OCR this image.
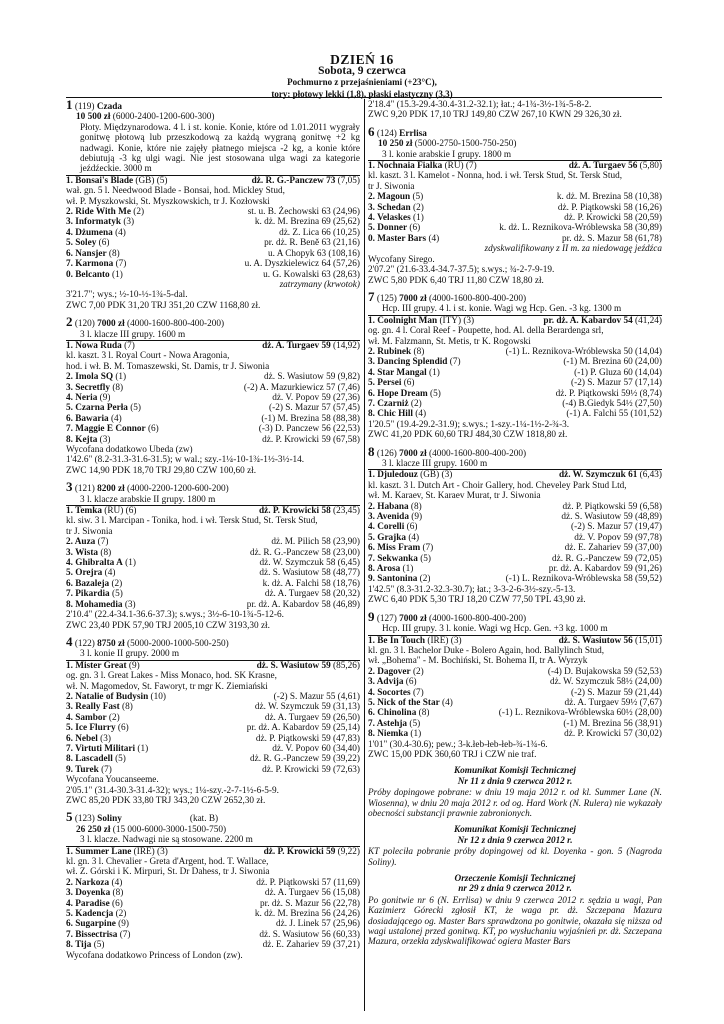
DZIEŃ 16
Sobota, 9 czerwca
Pochmurno z przejaśnieniami (+23°C),
tory: płotowy lekki (1,8), płaski elastyczny (3,3)
1 (119) Czada
10 500 zł (6000-2400-1200-600-300)
Płoty. Międzynarodowa. 4 l. i st. konie. Konie, które od 1.01.2011 wygrały gonitwę płotową lub przeszkodową za każdą wygraną gonitwę +2 kg nadwagi. Konie, które nie zajęły płatnego miejsca -2 kg, a konie które debiutują -3 kg ulgi wagi. Nie jest stosowana ulga wagi za kategorie jeźdźeckie. 3000 m
1. Bonsai's Blade (GB) (5)	dż. R. G.-Panczew 73 (7,05)
wał. gn. 5 l. Needwood Blade - Bonsai, hod. Mickley Stud,
wł. P. Myszkowski, St. Myszkowskich, tr J. Kozłowski
2. Ride With Me (2)	st. u. B. Żechowski 63 (24,96)
3. Informatyk (3)	k. dż. M. Brezina 69 (25,62)
4. Dżumena (4)	dż. Z. Lica 66 (10,25)
5. Soley (6)	pr. dż. R. Beně 63 (21,16)
6. Nansjer (8)	u. A Chopyk 63 (108,16)
7. Karmona (7)	u. A. Dyszkielewicz 64 (57,26)
0. Belcanto (1)	u. G. Kowalski 63 (28,63)
zatrzymany (krwotok)
3'21.7"; wys.; ½-10-½-1¾-5-dal.
ZWC 7,00 PDK 31,20 TRJ 351,20 CZW 1168,80 zł.
2 (120) 7000 zł (4000-1600-800-400-200)
3 l. klacze III grupy. 1600 m
1. Nowa Ruda (7)	dż. A. Turgaev 59 (14,92)
kl. kaszt. 3 l. Royal Court - Nowa Aragonia,
hod. i wł. B. M. Tomaszewski, St. Damis, tr J. Siwonia
2. Imola SQ (1)	dż. S. Wasiutow 59 (9,82)
3. Secretfly (8)	(-2) A. Mazurkiewicz 57 (7,46)
4. Neria (9)	dż. V. Popov 59 (27,36)
5. Czarna Perła (5)	(-2) S. Mazur 57 (57,45)
6. Bawaria (4)	(-1) M. Brezina 58 (88,38)
7. Maggie E Connor (6)	(-3) D. Panczew 56 (22,53)
8. Kejta (3)	dż. P. Krowicki 59 (67,58)
Wycofana dodatkowo Ubeda (zw)
1'42.6" (8.2-31.3-31.6-31.5); w wal.; szy.-1¼-10-1¾-1½-3½-14.
ZWC 14,90 PDK 18,70 TRJ 29,80 CZW 100,60 zł.
3 (121) 8200 zł (4000-2200-1200-600-200)
3 l. klacze arabskie II grupy. 1800 m
1. Temka (RU) (6)	dż. P. Krowicki 58 (23,45)
kl. siw. 3 l. Marcipan - Tonika, hod. i wł. Tersk Stud, St. Tersk Stud,
tr J. Siwonia
2. Auza (7)	dż. M. Pilich 58 (23,90)
3. Wista (8)	dż. R. G.-Panczew 58 (23,00)
4. Ghibralta A (1)	dż. W. Szymczuk 58 (6,45)
5. Orejra (4)	dż. S. Wasiutow 58 (48,77)
6. Bazaleja (2)	k. dż. A. Falchi 58 (18,76)
7. Pikardia (5)	dż. A. Turgaev 58 (20,32)
8. Mohamedia (3)	pr. dż. A. Kabardov 58 (46,89)
2'10.4" (22.4-34.1-36.6-37.3); s.wys.; 3½-6-10-1¾-5-12-6.
ZWC 23,40 PDK 57,90 TRJ 2005,10 CZW 3193,30 zł.
4 (122) 8750 zł (5000-2000-1000-500-250)
3 l. konie II grupy. 2000 m
1. Mister Great (9)	dż. S. Wasiutow 59 (85,26)
og. gn. 3 l. Great Lakes - Miss Monaco, hod. SK Krasne,
wł. N. Magomedov, St. Faworyt, tr mgr K. Ziemiański
2. Natalie of Budysin (10)	(-2) S. Mazur 55 (4,61)
3. Really Fast (8)	dż. W. Szymczuk 59 (31,13)
4. Sambor (2)	dż. A. Turgaev 59 (26,50)
5. Ice Flurry (6)	pr. dż. A. Kabardov 59 (25,14)
6. Nebel (3)	dż. P. Piątkowski 59 (47,83)
7. Virtuti Militari (1)	dż. V. Popov 60 (34,40)
8. Lascadell (5)	dż. R. G.-Panczew 59 (39,22)
9. Turek (7)	dż. P. Krowicki 59 (72,63)
Wycofana Youcanseeme.
2'05.1" (31.4-30.3-31.4-32); wys.; 1¼-szy.-2-7-1½-6-5-9.
ZWC 85,20 PDK 33,80 TRJ 343,20 CZW 2652,30 zł.
5 (123) Soliny	(kat. B)
26 250 zł (15 000-6000-3000-1500-750)
3 l. klacze. Nadwagi nie są stosowane. 2200 m
1. Summer Lane (IRE) (3)	dż. P. Krowicki 59 (9,22)
kl. gn. 3 l. Chevalier - Greta d'Argent, hod. T. Wallace,
wł. Z. Górski i K. Mirpuri, St. Dr Dahess, tr J. Siwonia
2. Narkoza (4)	dż. P. Piątkowski 57 (11,69)
3. Doyenka (8)	dż. A. Turgaev 56 (15,08)
4. Paradise (6)	pr. dż. S. Mazur 56 (22,78)
5. Kadencja (2)	k. dż. M. Brezina 56 (24,26)
6. Sugarpine (9)	dż. J. Linek 57 (25,96)
7. Bissectrisa (7)	dż. S. Wasiutow 56 (60,33)
8. Tija (5)	dż. E. Zahariev 59 (37,21)
Wycofana dodatkowo Princess of London (zw).
2'18.4" (15.3-29.4-30.4-31.2-32.1); łat.; 4-1¾-3½-1¾-5-8-2.
ZWC 9,20 PDK 17,10 TRJ 149,80 CZW 267,10 KWN 29 326,30 zł.
6 (124) Errlisa
10 250 zł (5000-2750-1500-750-250)
3 l. konie arabskie I grupy. 1800 m
1. Nochnaia Fialka (RU) (7)	dż. A. Turgaev 56 (5,80)
kl. kaszt. 3 l. Kamelot - Nonna, hod. i wł. Tersk Stud, St. Tersk Stud,
tr J. Siwonia
2. Magoun (5)	k. dż. M. Brezina 58 (10,38)
3. Schedan (2)	dż. P. Piątkowski 58 (16,26)
4. Velaskes (1)	dż. P. Krowicki 58 (20,59)
5. Donner (6)	k. dż. L. Reznikova-Wróblewska 58 (30,89)
0. Master Bars (4)	pr. dż. S. Mazur 58 (61,78)
zdyskwalifikowany z II m. za niedowagę jeźdźca
Wycofany Sirego.
2'07.2" (21.6-33.4-34.7-37.5); s.wys.; ¾-2-7-9-19.
ZWC 5,80 PDK 6,40 TRJ 11,80 CZW 18,80 zł.
7 (125) 7000 zł (4000-1600-800-400-200)
Hcp. III grupy. 4 l. i st. konie. Wagi wg Hcp. Gen. -3 kg. 1300 m
1. Coolnight Man (ITY) (3)	pr. dż. A. Kabardov 54 (41,24)
og. gn. 4 l. Coral Reef - Poupette, hod. Al. della Berardenga srl,
wł. M. Falzmann, St. Metis, tr K. Rogowski
2. Rubinek (8)	(-1) L. Reznikova-Wróblewska 50 (14,04)
3. Dancing Splendid (7)	(-1) M. Brezina 60 (24,00)
4. Star Mangal (1)	(-1) P. Gluza 60 (14,04)
5. Persei (6)	(-2) S. Mazur 57 (17,14)
6. Hope Dream (5)	dż. P. Piątkowski 59½ (8,74)
7. Czarniż (2)	(-4) B.Giedyk 54½ (27,50)
8. Chic Hill (4)	(-1) A. Falchi 55 (101,52)
1'20.5" (19.4-29.2-31.9); s.wys.; 1-szy.-1¼-1½-2-¾-3.
ZWC 41,20 PDK 60,60 TRJ 484,30 CZW 1818,80 zł.
8 (126) 7000 zł (4000-1600-800-400-200)
3 l. klacze III grupy. 1600 m
1. Djuledouz (GB) (3)	dż. W. Szymczuk 61 (6,43)
kl. kaszt. 3 l. Dutch Art - Choir Gallery, hod. Cheveley Park Stud Ltd,
wł. M. Karaev, St. Karaev Murat, tr J. Siwonia
2. Habana (8)	dż. P. Piątkowski 59 (6,58)
3. Avenida (9)	dż. S. Wasiutow 59 (48,89)
4. Corelli (6)	(-2) S. Mazur 57 (19,47)
5. Grajka (4)	dż. V. Popov 59 (97,78)
6. Miss Fram (7)	dż. E. Zahariev 59 (37,00)
7. Sekwanka (5)	dż. R. G.-Panczew 59 (72,05)
8. Arosa (1)	pr. dż. A. Kabardov 59 (91,26)
9. Santonina (2)	(-1) L. Reznikova-Wróblewska 58 (59,52)
1'42.5" (8.3-31.2-32.3-30.7); łat.; 3-3-2-6-3½-szy.-5-13.
ZWC 6,40 PDK 5,30 TRJ 18,20 CZW 77,50 TPL 43,90 zł.
9 (127) 7000 zł (4000-1600-800-400-200)
Hcp. III grupy. 3 l. konie. Wagi wg Hcp. Gen. +3 kg. 1000 m
1. Be In Touch (IRE) (3)	dż. S. Wasiutow 56 (15,01)
kl. gn. 3 l. Bachelor Duke - Bolero Again, hod. Ballylinch Stud,
wł. „Bohema" - M. Bochiński, St. Bohema II, tr A. Wyrzyk
2. Dagover (2)	(-4) D. Bujakowska 59 (52,53)
3. Advija (6)	dż. W. Szymczuk 58½ (24,00)
4. Socortes (7)	(-2) S. Mazur 59 (21,44)
5. Nick of the Star (4)	dż. A. Turgaev 59½ (7,67)
6. Chinolina (8)	(-1) L. Reznikova-Wróblewska 60½ (28,00)
7. Astehja (5)	(-1) M. Brezina 56 (38,91)
8. Niemka (1)	dż. P. Krowicki 57 (30,02)
1'01" (30.4-30.6); pew.; 3-k.łeb-łeb-łeb-¾-1¾-6.
ZWC 15,00 PDK 360,60 TRJ i CZW nie traf.
Komunikat Komisji Technicznej
Nr 11 z dnia 9 czerwca 2012 r.
Próby dopingowe pobrane: w dniu 19 maja 2012 r. od kl. Summer Lane (N. Wiosenna), w dniu 20 maja 2012 r. od og. Hard Work (N. Rulera) nie wykazały obecności substancji prawnie zabronionych.
Komunikat Komisji Technicznej
Nr 12 z dnia 9 czerwca 2012 r.
KT poleciła pobranie próby dopingowej od kl. Doyenka - gon. 5 (Nagroda Soliny).
Orzeczenie Komisji Technicznej
nr 29 z dnia 9 czerwca 2012 r.
Po gonitwie nr 6 (N. Errlisa) w dniu 9 czerwca 2012 r. sędzia u wagi, Pan Kazimierz Górecki zgłosił KT, że waga pr. dż. Szczepana Mazura dosiadającego og. Master Bars sprawdzona po gonitwie, okazała się niższa od wagi ustalonej przed gonitwą. KT, po wysłuchaniu wyjaśnień pr. dż. Szczepana Mazura, orzekła zdyskwalifikować ogiera Master Bars
